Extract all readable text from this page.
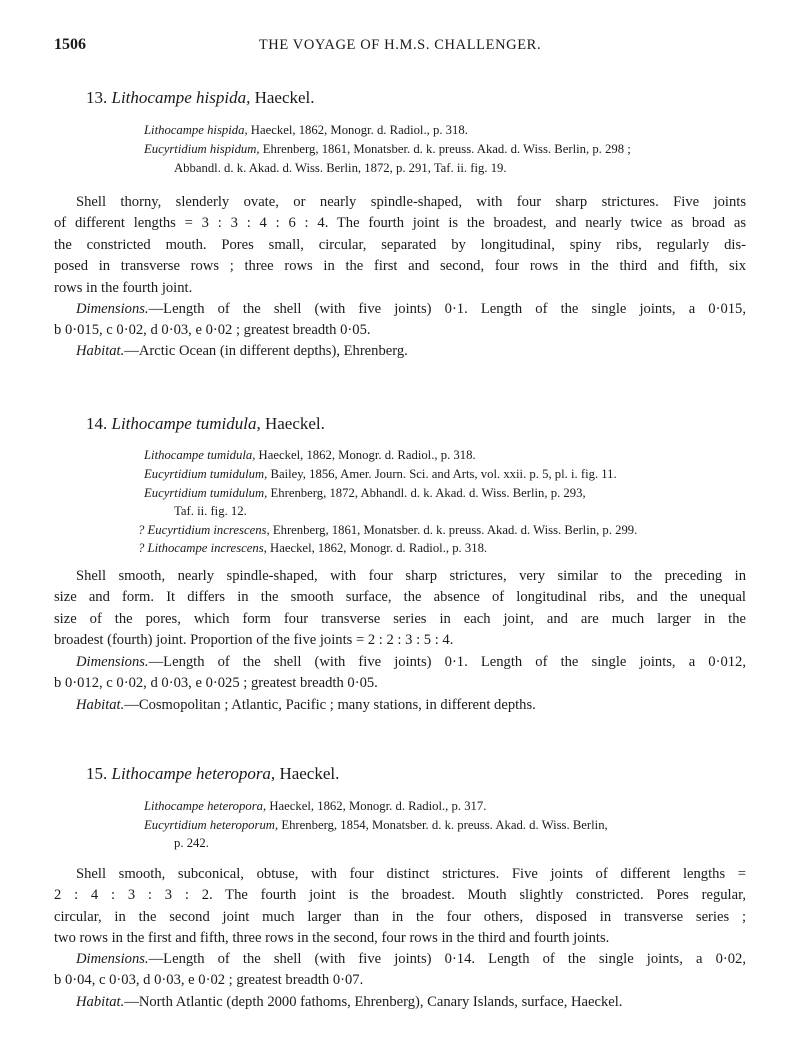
1506	THE VOYAGE OF H.M.S. CHALLENGER.
13. Lithocampe hispida, Haeckel.
Lithocampe hispida, Haeckel, 1862, Monogr. d. Radiol., p. 318.
Eucyrtidium hispidum, Ehrenberg, 1861, Monatsber. d. k. preuss. Akad. d. Wiss. Berlin, p. 298 ;
Abbandl. d. k. Akad. d. Wiss. Berlin, 1872, p. 291, Taf. ii. fig. 19.
Shell thorny, slenderly ovate, or nearly spindle-shaped, with four sharp strictures. Five joints
of different lengths = 3 : 3 : 4 : 6 : 4. The fourth joint is the broadest, and nearly twice as broad as
the constricted mouth. Pores small, circular, separated by longitudinal, spiny ribs, regularly dis-
posed in transverse rows ; three rows in the first and second, four rows in the third and fifth, six
rows in the fourth joint.
Dimensions.—Length of the shell (with five joints) 0·1. Length of the single joints, a 0·015,
b 0·015, c 0·02, d 0·03, e 0·02 ; greatest breadth 0·05.
Habitat.—Arctic Ocean (in different depths), Ehrenberg.
14. Lithocampe tumidula, Haeckel.
Lithocampe tumidula, Haeckel, 1862, Monogr. d. Radiol., p. 318.
Eucyrtidium tumidulum, Bailey, 1856, Amer. Journ. Sci. and Arts, vol. xxii. p. 5, pl. i. fig. 11.
Eucyrtidium tumidulum, Ehrenberg, 1872, Abhandl. d. k. Akad. d. Wiss. Berlin, p. 293,
Taf. ii. fig. 12.
? Eucyrtidium increscens, Ehrenberg, 1861, Monatsber. d. k. preuss. Akad. d. Wiss. Berlin, p. 299.
? Lithocampe increscens, Haeckel, 1862, Monogr. d. Radiol., p. 318.
Shell smooth, nearly spindle-shaped, with four sharp strictures, very similar to the preceding in
size and form. It differs in the smooth surface, the absence of longitudinal ribs, and the unequal
size of the pores, which form four transverse series in each joint, and are much larger in the
broadest (fourth) joint. Proportion of the five joints = 2 : 2 : 3 : 5 : 4.
Dimensions.—Length of the shell (with five joints) 0·1. Length of the single joints, a 0·012,
b 0·012, c 0·02, d 0·03, e 0·025 ; greatest breadth 0·05.
Habitat.—Cosmopolitan ; Atlantic, Pacific ; many stations, in different depths.
15. Lithocampe heteropora, Haeckel.
Lithocampe heteropora, Haeckel, 1862, Monogr. d. Radiol., p. 317.
Eucyrtidium heteroporum, Ehrenberg, 1854, Monatsber. d. k. preuss. Akad. d. Wiss. Berlin,
p. 242.
Shell smooth, subconical, obtuse, with four distinct strictures. Five joints of different lengths =
2 : 4 : 3 : 3 : 2. The fourth joint is the broadest. Mouth slightly constricted. Pores regular,
circular, in the second joint much larger than in the four others, disposed in transverse series ;
two rows in the first and fifth, three rows in the second, four rows in the third and fourth joints.
Dimensions.—Length of the shell (with five joints) 0·14. Length of the single joints, a 0·02,
b 0·04, c 0·03, d 0·03, e 0·02 ; greatest breadth 0·07.
Habitat.—North Atlantic (depth 2000 fathoms, Ehrenberg), Canary Islands, surface, Haeckel.
